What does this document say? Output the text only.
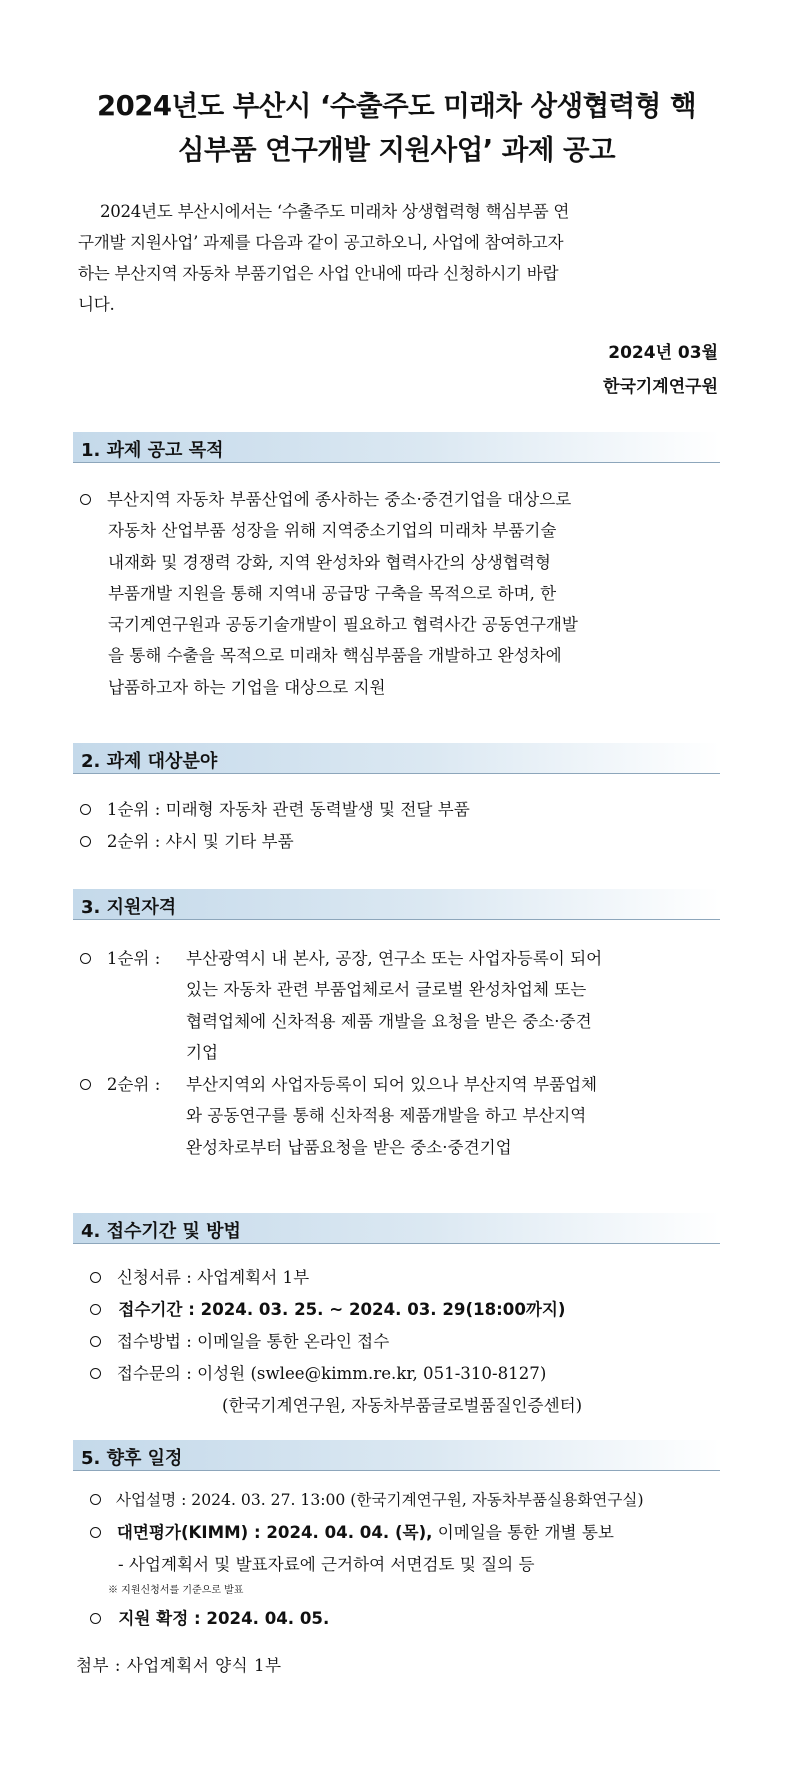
2024년도 부산시 ‘수출주도 미래차 상생협력형 핵
심부품 연구개발 지원사업’ 과제 공고
2024년도 부산시에서는 ‘수출주도 미래차 상생협력형 핵심부품 연
구개발 지원사업’ 과제를 다음과 같이 공고하오니, 사업에 참여하고자
하는 부산지역 자동차 부품기업은 사업 안내에 따라 신청하시기 바랍
니다.
2024년 03월
한국기계연구원
1. 과제 공고 목적
부산지역 자동차 부품산업에 종사하는 중소·중견기업을 대상으로
자동차 산업부품 성장을 위해 지역중소기업의 미래차 부품기술
내재화 및 경쟁력 강화, 지역 완성차와 협력사간의 상생협력형
부품개발 지원을 통해 지역내 공급망 구축을 목적으로 하며, 한
국기계연구원과 공동기술개발이 필요하고 협력사간 공동연구개발
을 통해 수출을 목적으로 미래차 핵심부품을 개발하고 완성차에
납품하고자 하는 기업을 대상으로 지원
2. 과제 대상분야
1순위 : 미래형 자동차 관련 동력발생 및 전달 부품
2순위 : 샤시 및 기타 부품
3. 지원자격
1순위 : 부산광역시 내 본사, 공장, 연구소 또는 사업자등록이 되어
있는 자동차 관련 부품업체로서 글로벌 완성차업체 또는
협력업체에 신차적용 제품 개발을 요청을 받은 중소·중견
기업
2순위 : 부산지역외 사업자등록이 되어 있으나 부산지역 부품업체
와 공동연구를 통해 신차적용 제품개발을 하고 부산지역
완성차로부터 납품요청을 받은 중소·중견기업
4. 접수기간 및 방법
신청서류 : 사업계획서 1부
접수기간 : 2024. 03. 25. ~ 2024. 03. 29(18:00까지)
접수방법 : 이메일을 통한 온라인 접수
접수문의 : 이성원 (swlee@kimm.re.kr, 051-310-8127)
(한국기계연구원, 자동차부품글로벌품질인증센터)
5. 향후 일정
사업설명 : 2024. 03. 27. 13:00 (한국기계연구원, 자동차부품실용화연구실)
대면평가(KIMM) : 2024. 04. 04. (목), 이메일을 통한 개별 통보
- 사업계획서 및 발표자료에 근거하여 서면검토 및 질의 등
※ 지원신청서를 기준으로 발표
지원 확정 : 2024. 04. 05.
첨부 : 사업계획서 양식 1부
